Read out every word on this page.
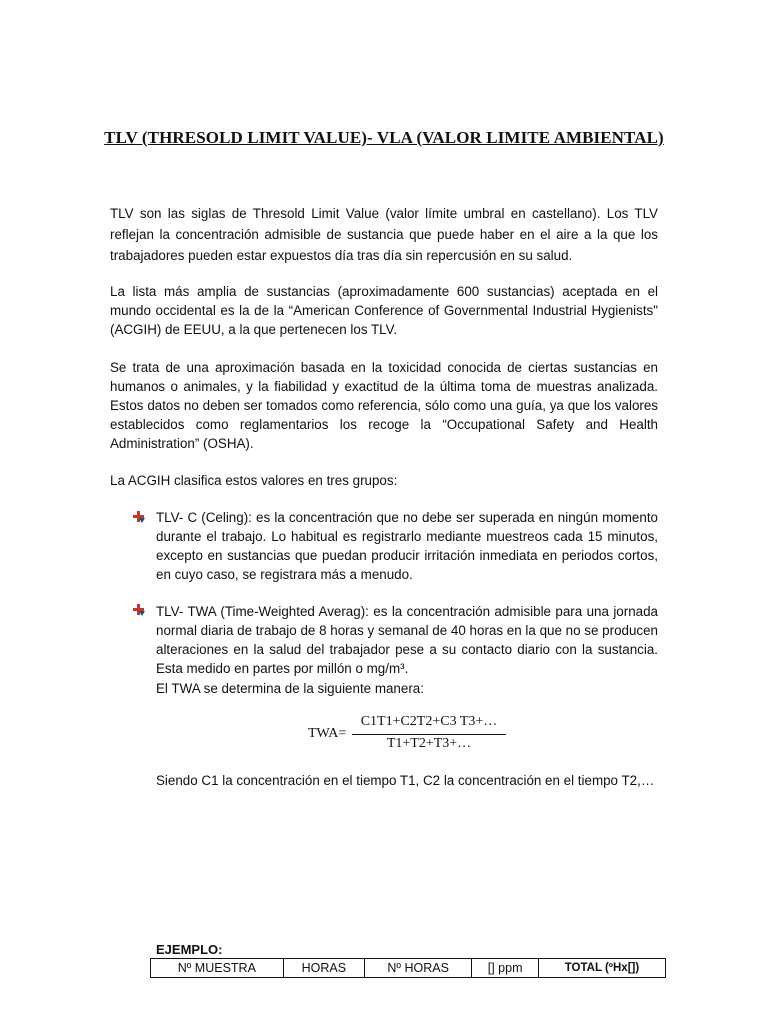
TLV (THRESOLD LIMIT VALUE)- VLA (VALOR LIMITE AMBIENTAL)

TLV son las siglas de Thresold Limit Value (valor límite umbral en castellano). Los TLV reflejan la concentración admisible de sustancia que puede haber en el aire a la que los trabajadores pueden estar expuestos día tras día sin repercusión en su salud.

La lista más amplia de sustancias (aproximadamente 600 sustancias) aceptada en el mundo occidental es la de la “American Conference of Governmental Industrial Hygienists" (ACGIH) de EEUU, a la que pertenecen los TLV.

Se trata de una aproximación basada en la toxicidad conocida de ciertas sustancias en humanos o animales, y la fiabilidad y exactitud de la última toma de muestras analizada. Estos datos no deben ser tomados como referencia, sólo como una guía, ya que los valores establecidos como reglamentarios los recoge la “Occupational Safety and Health Administration” (OSHA).

La ACGIH clasifica estos valores en tres grupos:

TLV- C (Celing): es la concentración que no debe ser superada en ningún momento durante el trabajo. Lo habitual es registrarlo mediante muestreos cada 15 minutos, excepto en sustancias que puedan producir irritación inmediata en periodos cortos, en cuyo caso, se registrara más a menudo.

TLV- TWA (Time-Weighted Averag): es la concentración admisible para una jornada normal diaria de trabajo de 8 horas y semanal de 40 horas en la que no se producen alteraciones en la salud del trabajador pese a su contacto diario con la sustancia. Esta medido en partes por millón o mg/m³.

El TWA se determina de la siguiente manera:
TWA=
C1T1+C2T2+C3 T3+…
T1+T2+T3+…

Siendo C1 la concentración en el tiempo T1, C2 la concentración en el tiempo T2,…

EJEMPLO:
Nº MUESTRA	HORAS	Nº HORAS	[] ppm	TOTAL (ºHx[])
